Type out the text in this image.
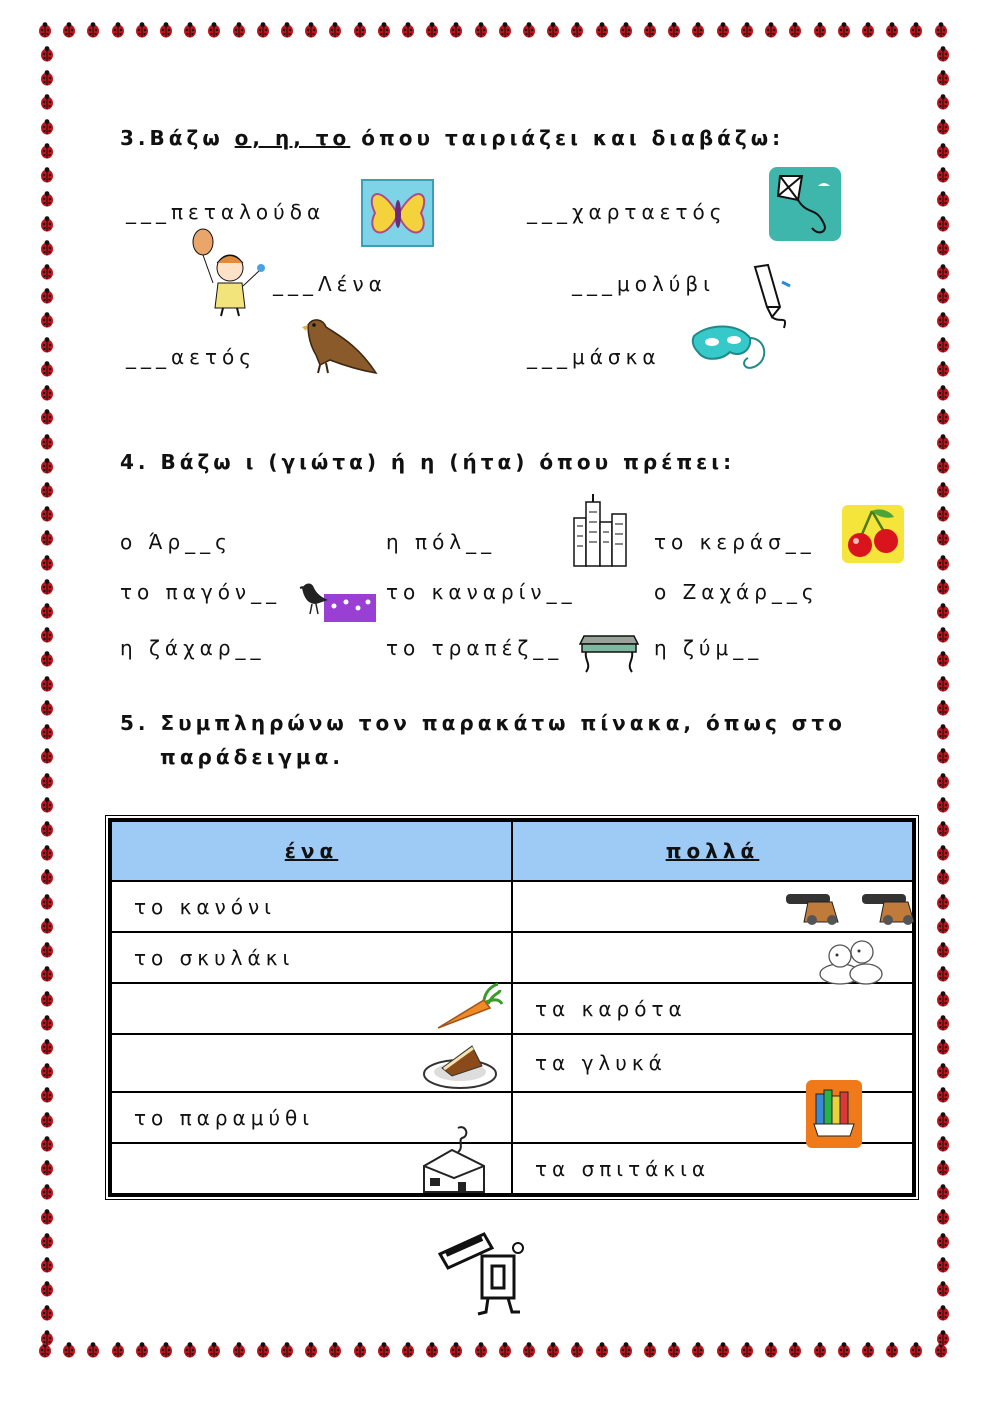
3.Βάζω ο, η, το όπου ταιριάζει και διαβάζω:
___πεταλούδα	___χαρταετός
___Λένα	___μολύβι
___αετός	___μάσκα
4. Βάζω ι (γιώτα) ή η (ήτα) όπου πρέπει:
ο Άρ__ς	η πόλ__	το κεράσ__
το παγόν__	το καναρίν__	ο Ζαχάρ__ς
η ζάχαρ__	το τραπέζ__	η ζύμ__
5. Συμπληρώνω τον παρακάτω πίνακα, όπως στο
παράδειγμα.
ένα	πολλά
το κανόνι	
το σκυλάκι	
	τα καρότα
	τα γλυκά
το παραμύθι	
	τα σπιτάκια
